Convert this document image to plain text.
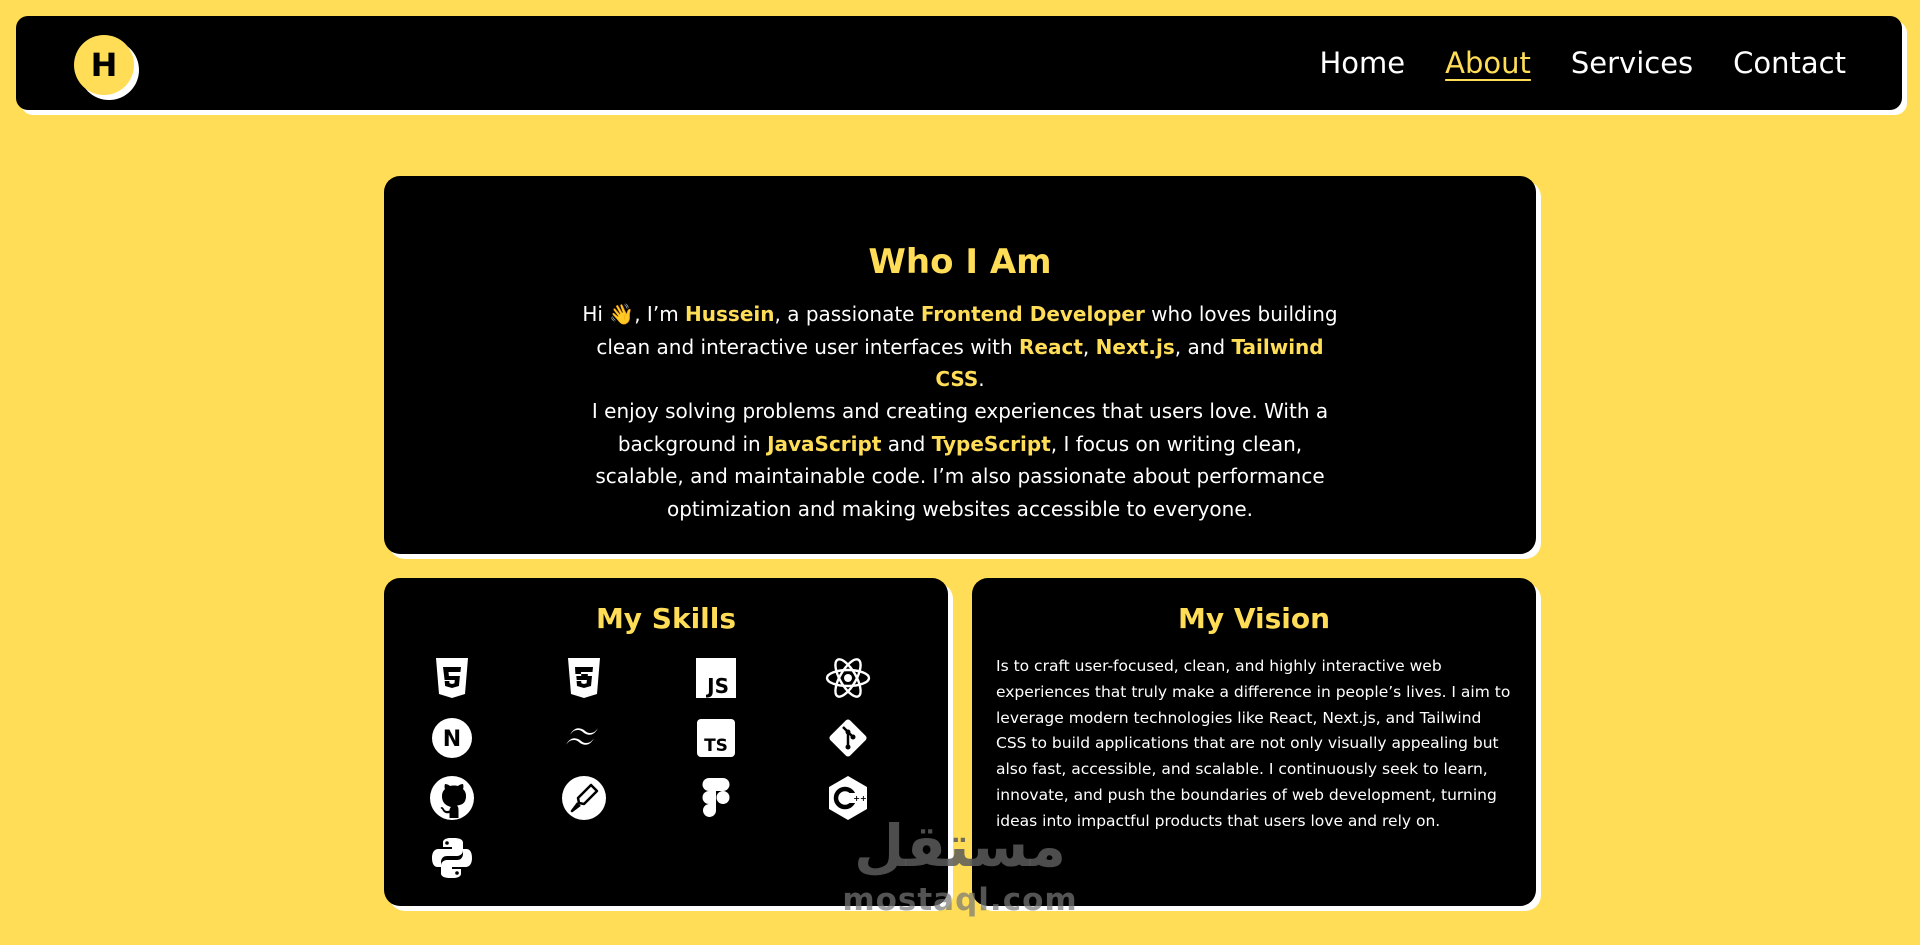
H	Home About Services Contact
Who I Am

Hi 👋, I’m Hussein, a passionate Frontend Developer who loves building clean and interactive user interfaces with React, Next.js, and Tailwind CSS.

I enjoy solving problems and creating experiences that users love. With a background in JavaScript and TypeScript, I focus on writing clean, scalable, and maintainable code. I’m also passionate about performance optimization and making websites accessible to everyone.

My Skills
JS
N	TS
++
My Vision

Is to craft user-focused, clean, and highly interactive web experiences that truly make a difference in people’s lives. I aim to leverage modern technologies like React, Next.js, and Tailwind CSS to build applications that are not only visually appealing but also fast, accessible, and scalable. I continuously seek to learn, innovate, and push the boundaries of web development, turning ideas into impactful products that users love and rely on.

مستقل
mostaql.com
